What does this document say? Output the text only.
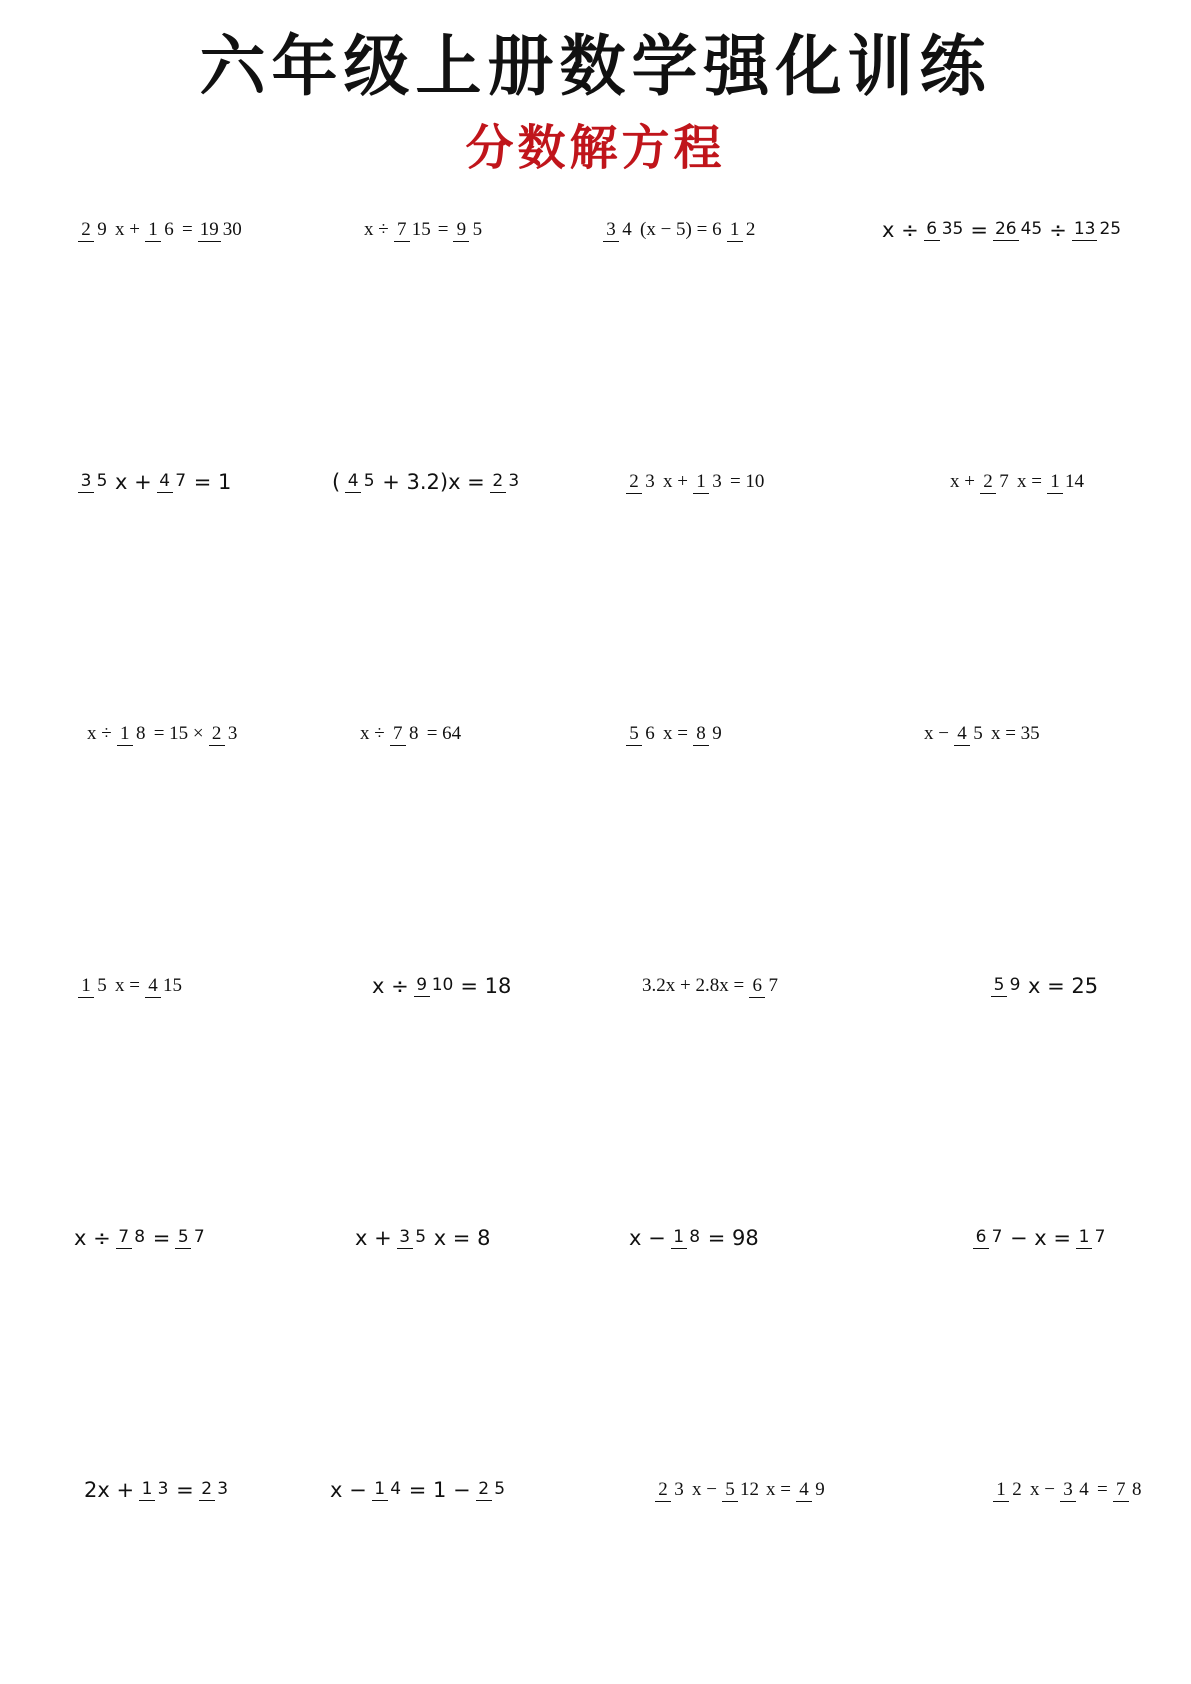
六年级上册数学强化训练
分数解方程
2 9 x + 1 6 = 19 30	x ÷ 7 15 = 9 5	3 4 (x − 5) = 6 1 2	x ÷ 6 35 = 26 45 ÷ 13 25
3 5 x + 4 7 = 1	( 4 5 + 3.2)x = 2 3	2 3 x + 1 3 = 10	x + 2 7 x = 1 14
x ÷ 1 8 = 15 × 2 3	x ÷ 7 8 = 64	5 6 x = 8 9	x − 4 5 x = 35
1 5 x = 4 15	x ÷ 9 10 = 18	3.2x + 2.8x = 6 7	5 9 x = 25
x ÷ 7 8 = 5 7	x + 3 5 x = 8	x − 1 8 = 98	6 7 − x = 1 7
2x + 1 3 = 2 3	x − 1 4 = 1 − 2 5	2 3 x − 5 12 x = 4 9	1 2 x − 3 4 = 7 8
